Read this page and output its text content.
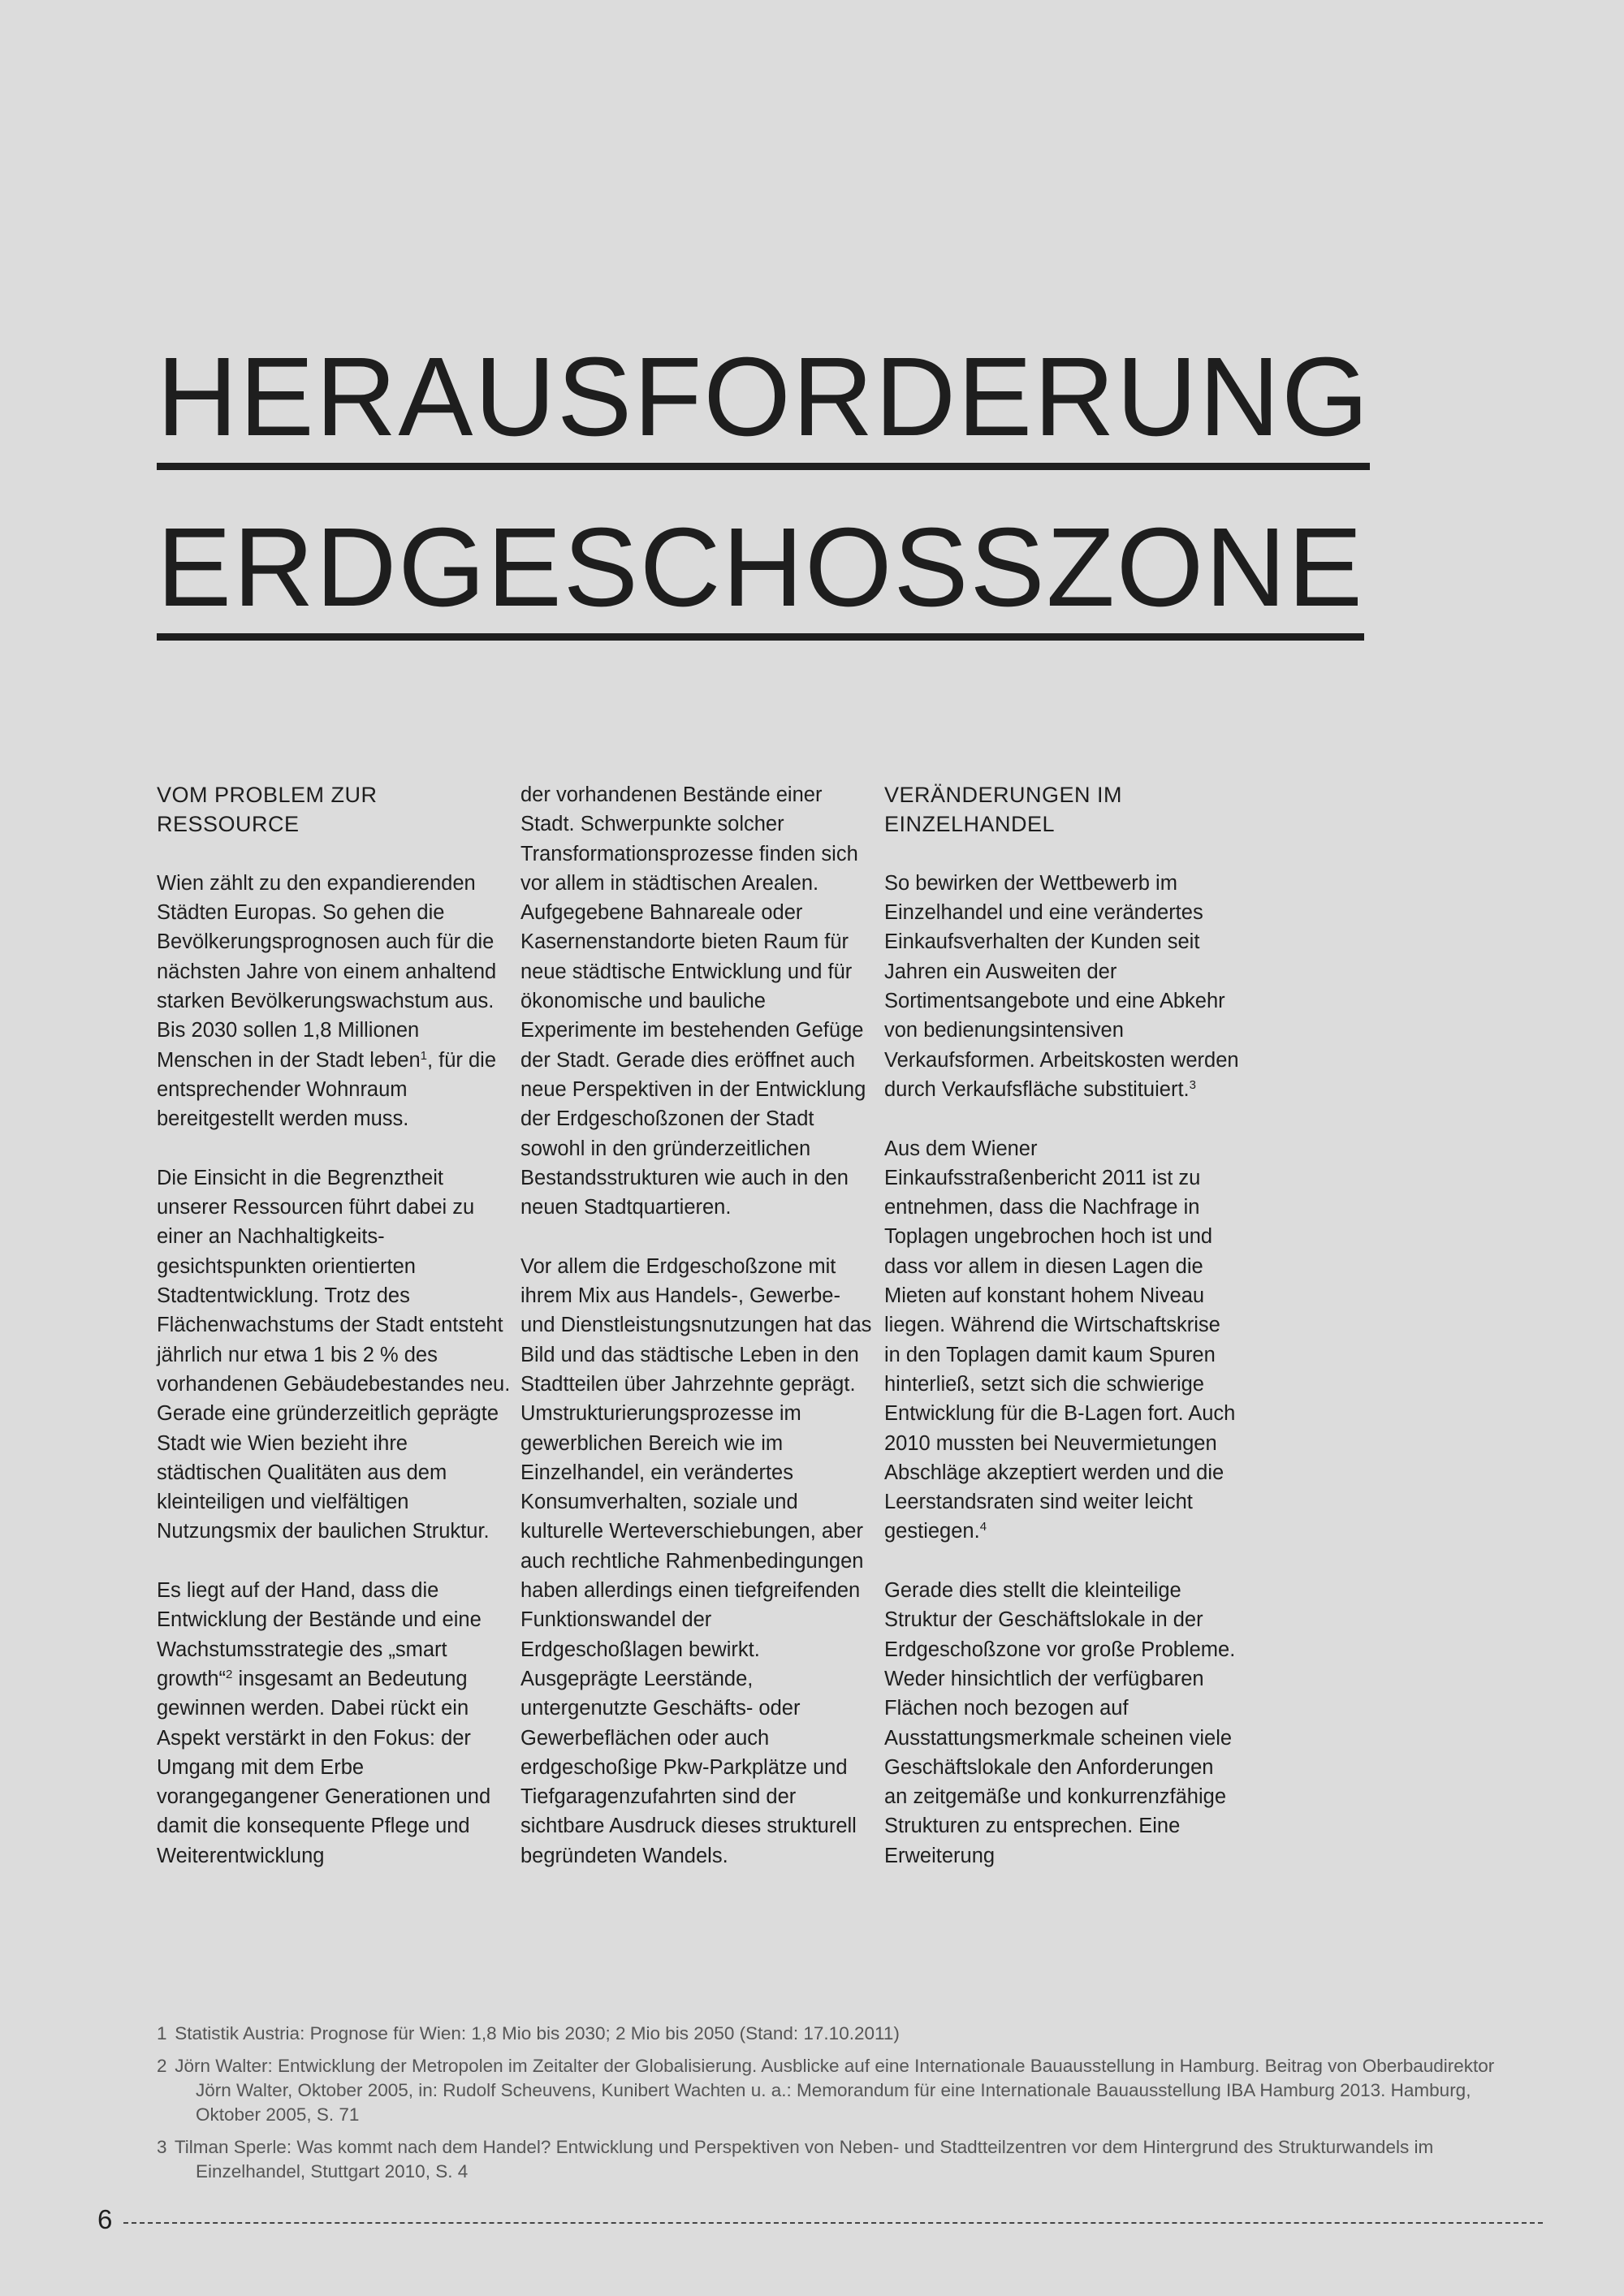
HERAUSFORDERUNG
ERDGESCHOSSZONE
VOM PROBLEM ZUR RESSOURCE

Wien zählt zu den expandierenden Städten Europas. So gehen die Bevölkerungsprognosen auch für die nächsten Jahre von einem anhaltend starken Bevölkerungswachstum aus. Bis 2030 sollen 1,8 Millionen Menschen in der Stadt leben$^1$, für die entsprechender Wohnraum bereitgestellt werden muss.

Die Einsicht in die Begrenztheit unserer Ressourcen führt dabei zu einer an Nachhaltigkeits-gesichtspunkten orientierten Stadtentwicklung. Trotz des Flächenwachstums der Stadt entsteht jährlich nur etwa 1 bis 2 % des vorhandenen Gebäudebestandes neu. Gerade eine gründerzeitlich geprägte Stadt wie Wien bezieht ihre städtischen Qualitäten aus dem kleinteiligen und vielfältigen Nutzungsmix der baulichen Struktur.

Es liegt auf der Hand, dass die Entwicklung der Bestände und eine Wachstumsstrategie des „smart growth“$^2$ insgesamt an Bedeutung gewinnen werden. Dabei rückt ein Aspekt verstärkt in den Fokus: der Umgang mit dem Erbe vorangegangener Generationen und damit die konsequente Pflege und Weiterentwicklung

der vorhandenen Bestände einer Stadt. Schwerpunkte solcher Transformationsprozesse finden sich vor allem in städtischen Arealen. Aufgegebene Bahnareale oder Kasernenstandorte bieten Raum für neue städtische Entwicklung und für ökonomische und bauliche Experimente im bestehenden Gefüge der Stadt. Gerade dies eröffnet auch neue Perspektiven in der Entwicklung der Erdgeschoßzonen der Stadt sowohl in den gründerzeitlichen Bestandsstrukturen wie auch in den neuen Stadtquartieren.

Vor allem die Erdgeschoßzone mit ihrem Mix aus Handels-, Gewerbe- und Dienstleistungsnutzungen hat das Bild und das städtische Leben in den Stadtteilen über Jahrzehnte geprägt. Umstrukturierungsprozesse im gewerblichen Bereich wie im Einzelhandel, ein verändertes Konsumverhalten, soziale und kulturelle Werteverschiebungen, aber auch rechtliche Rahmenbedingungen haben allerdings einen tiefgreifenden Funktionswandel der Erdgeschoßlagen bewirkt. Ausgeprägte Leerstände, untergenutzte Geschäfts- oder Gewerbeflächen oder auch erdgeschoßige Pkw-Parkplätze und Tiefgaragenzufahrten sind der sichtbare Ausdruck dieses strukturell begründeten Wandels.

VERÄNDERUNGEN IM EINZELHANDEL

So bewirken der Wettbewerb im Einzelhandel und eine verändertes Einkaufsverhalten der Kunden seit Jahren ein Ausweiten der Sortimentsangebote und eine Abkehr von bedienungsintensiven Verkaufsformen. Arbeitskosten werden durch Verkaufsfläche substituiert.$^3$

Aus dem Wiener Einkaufsstraßenbericht 2011 ist zu entnehmen, dass die Nachfrage in Toplagen ungebrochen hoch ist und dass vor allem in diesen Lagen die Mieten auf konstant hohem Niveau liegen. Während die Wirtschaftskrise in den Toplagen damit kaum Spuren hinterließ, setzt sich die schwierige Entwicklung für die B-Lagen fort. Auch 2010 mussten bei Neuvermietungen Abschläge akzeptiert werden und die Leerstandsraten sind weiter leicht gestiegen.$^4$

Gerade dies stellt die kleinteilige Struktur der Geschäftslokale in der Erdgeschoßzone vor große Probleme. Weder hinsichtlich der verfügbaren Flächen noch bezogen auf Ausstattungsmerkmale scheinen viele Geschäftslokale den Anforderungen an zeitgemäße und konkurrenzfähige Strukturen zu entsprechen. Eine Erweiterung

1 Statistik Austria: Prognose für Wien: 1,8 Mio bis 2030; 2 Mio bis 2050 (Stand: 17.10.2011)

2 Jörn Walter: Entwicklung der Metropolen im Zeitalter der Globalisierung. Ausblicke auf eine Internationale Bauausstellung in Hamburg. Beitrag von Oberbaudirektor Jörn Walter, Oktober 2005, in: Rudolf Scheuvens, Kunibert Wachten u. a.: Memorandum für eine Internationale Bauausstellung IBA Hamburg 2013. Hamburg, Oktober 2005, S. 71

3 Tilman Sperle: Was kommt nach dem Handel? Entwicklung und Perspektiven von Neben- und Stadtteilzentren vor dem Hintergrund des Strukturwandels im Einzelhandel, Stuttgart 2010, S. 4

6
